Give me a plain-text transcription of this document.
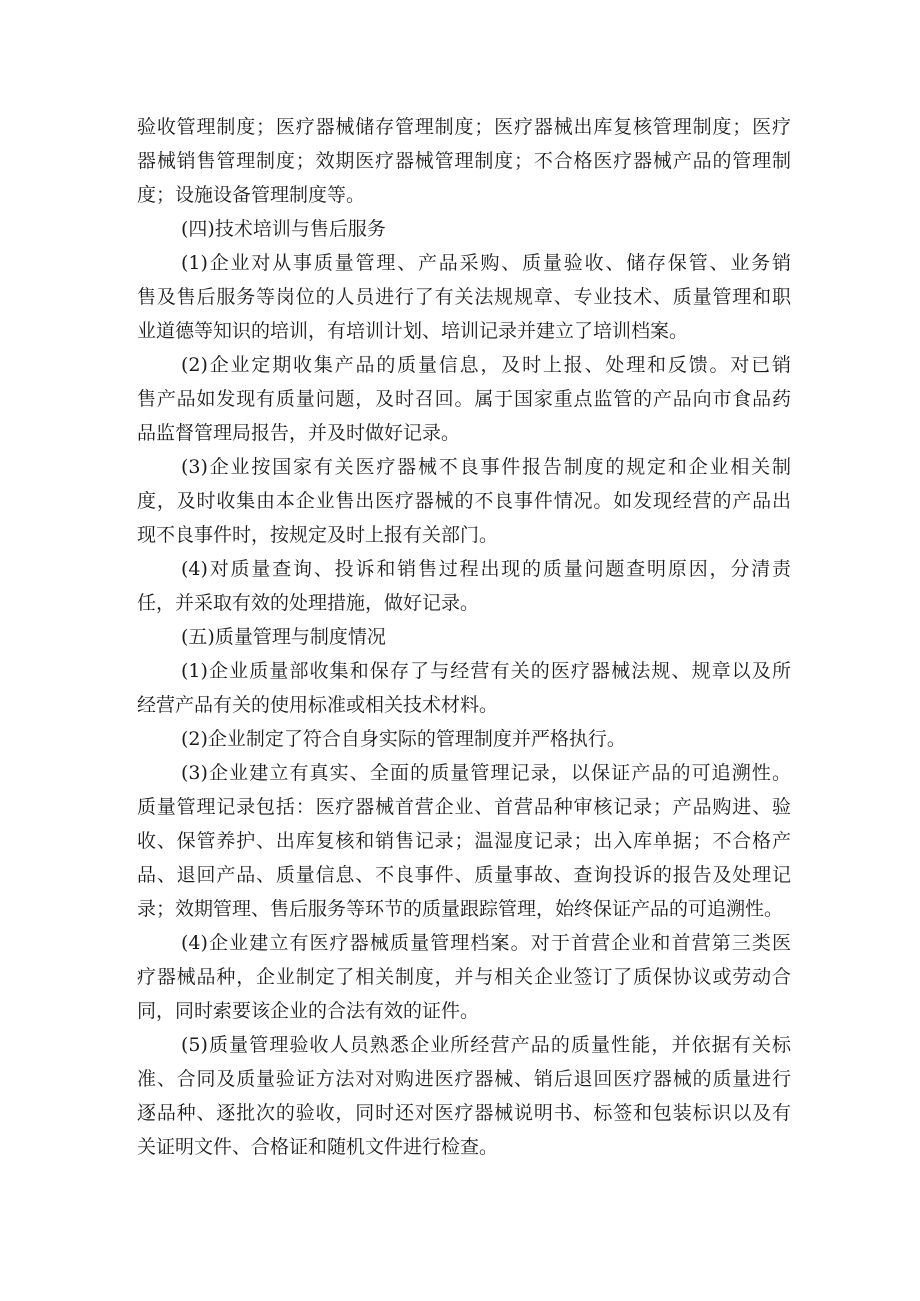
验收管理制度；医疗器械储存管理制度；医疗器械出库复核管理制度；医疗
器械销售管理制度；效期医疗器械管理制度；不合格医疗器械产品的管理制
度；设施设备管理制度等。
(四)技术培训与售后服务
(1)企业对从事质量管理、产品采购、质量验收、储存保管、业务销
售及售后服务等岗位的人员进行了有关法规规章、专业技术、质量管理和职
业道德等知识的培训，有培训计划、培训记录并建立了培训档案。
(2)企业定期收集产品的质量信息，及时上报、处理和反馈。对已销
售产品如发现有质量问题，及时召回。属于国家重点监管的产品向市食品药
品监督管理局报告，并及时做好记录。
(3)企业按国家有关医疗器械不良事件报告制度的规定和企业相关制
度，及时收集由本企业售出医疗器械的不良事件情况。如发现经营的产品出
现不良事件时，按规定及时上报有关部门。
(4)对质量查询、投诉和销售过程出现的质量问题查明原因，分清责
任，并采取有效的处理措施，做好记录。
(五)质量管理与制度情况
(1)企业质量部收集和保存了与经营有关的医疗器械法规、规章以及所
经营产品有关的使用标准或相关技术材料。
(2)企业制定了符合自身实际的管理制度并严格执行。
(3)企业建立有真实、全面的质量管理记录，以保证产品的可追溯性。
质量管理记录包括：医疗器械首营企业、首营品种审核记录；产品购进、验
收、保管养护、出库复核和销售记录；温湿度记录；出入库单据；不合格产
品、退回产品、质量信息、不良事件、质量事故、查询投诉的报告及处理记
录；效期管理、售后服务等环节的质量跟踪管理，始终保证产品的可追溯性。
(4)企业建立有医疗器械质量管理档案。对于首营企业和首营第三类医
疗器械品种，企业制定了相关制度，并与相关企业签订了质保协议或劳动合
同，同时索要该企业的合法有效的证件。
(5)质量管理验收人员熟悉企业所经营产品的质量性能，并依据有关标
准、合同及质量验证方法对对购进医疗器械、销后退回医疗器械的质量进行
逐品种、逐批次的验收，同时还对医疗器械说明书、标签和包装标识以及有
关证明文件、合格证和随机文件进行检查。
